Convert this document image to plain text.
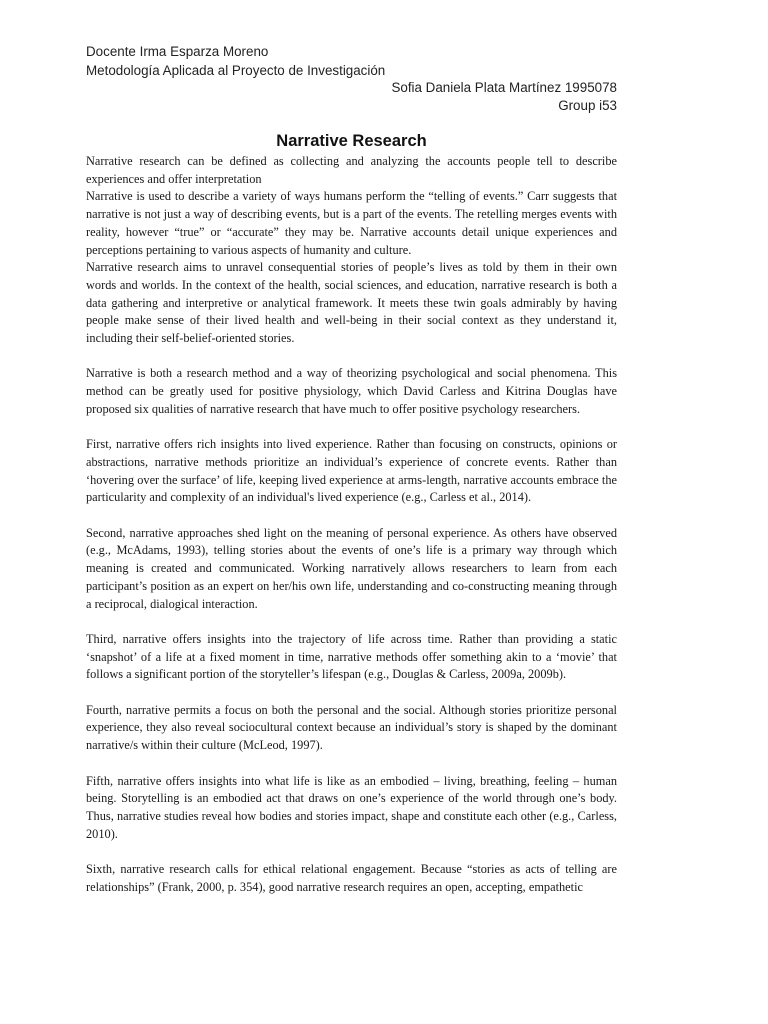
Docente Irma Esparza Moreno
Metodología Aplicada al Proyecto de Investigación
Sofia Daniela Plata Martínez 1995078
Group i53
Narrative Research

Narrative research can be defined as collecting and analyzing the accounts people tell to describe experiences and offer interpretation

Narrative is used to describe a variety of ways humans perform the “telling of events.” Carr suggests that narrative is not just a way of describing events, but is a part of the events. The retelling merges events with reality, however “true” or “accurate” they may be. Narrative accounts detail unique experiences and perceptions pertaining to various aspects of humanity and culture.

Narrative research aims to unravel consequential stories of people’s lives as told by them in their own words and worlds. In the context of the health, social sciences, and education, narrative research is both a data gathering and interpretive or analytical framework. It meets these twin goals admirably by having people make sense of their lived health and well-being in their social context as they understand it, including their self-belief-oriented stories.

Narrative is both a research method and a way of theorizing psychological and social phenomena. This method can be greatly used for positive physiology, which David Carless and Kitrina Douglas have proposed six qualities of narrative research that have much to offer positive psychology researchers.

First, narrative offers rich insights into lived experience. Rather than focusing on constructs, opinions or abstractions, narrative methods prioritize an individual’s experience of concrete events. Rather than ‘hovering over the surface’ of life, keeping lived experience at arms-length, narrative accounts embrace the particularity and complexity of an individual's lived experience (e.g., Carless et al., 2014).

Second, narrative approaches shed light on the meaning of personal experience. As others have observed (e.g., McAdams, 1993), telling stories about the events of one’s life is a primary way through which meaning is created and communicated. Working narratively allows researchers to learn from each participant’s position as an expert on her/his own life, understanding and co-constructing meaning through a reciprocal, dialogical interaction.

Third, narrative offers insights into the trajectory of life across time. Rather than providing a static ‘snapshot’ of a life at a fixed moment in time, narrative methods offer something akin to a ‘movie’ that follows a significant portion of the storyteller’s lifespan (e.g., Douglas & Carless, 2009a, 2009b).

Fourth, narrative permits a focus on both the personal and the social. Although stories prioritize personal experience, they also reveal sociocultural context because an individual’s story is shaped by the dominant narrative/s within their culture (McLeod, 1997).

Fifth, narrative offers insights into what life is like as an embodied – living, breathing, feeling – human being. Storytelling is an embodied act that draws on one’s experience of the world through one’s body. Thus, narrative studies reveal how bodies and stories impact, shape and constitute each other (e.g., Carless, 2010).

Sixth, narrative research calls for ethical relational engagement. Because “stories as acts of telling are relationships” (Frank, 2000, p. 354), good narrative research requires an open, accepting, empathetic
